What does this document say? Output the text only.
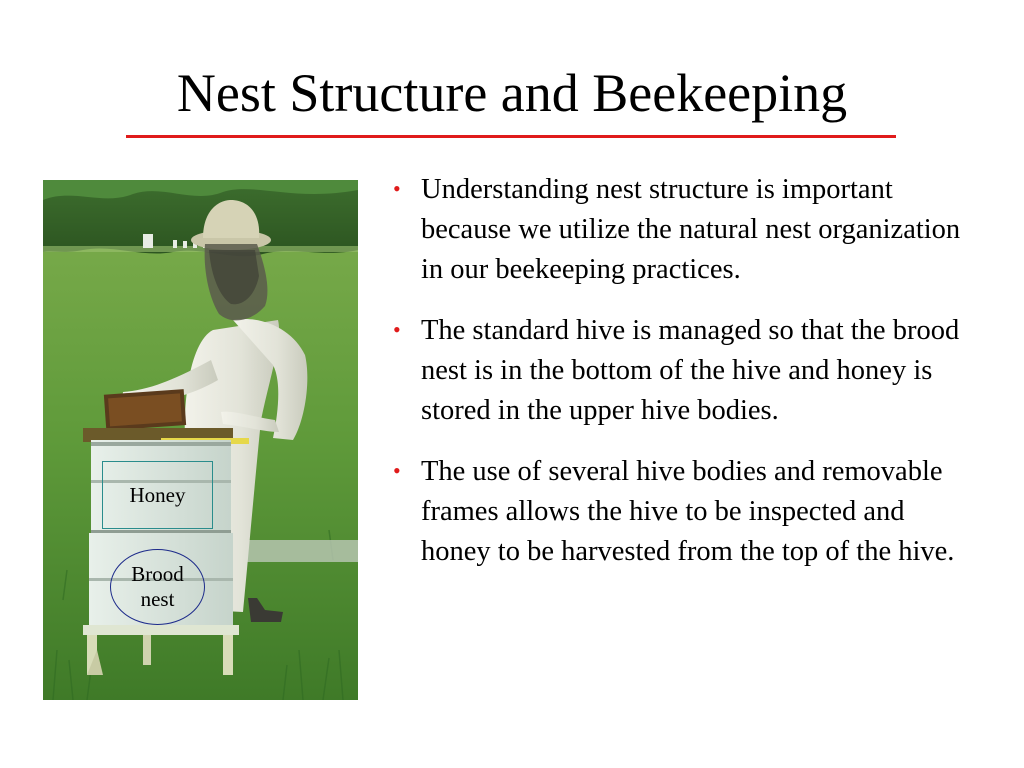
Nest Structure and Beekeeping
Honey
Brood
nest
• Understanding nest structure is important because we utilize the natural nest organization in our beekeeping practices.
• The standard hive is managed so that the brood nest is in the bottom of the hive and honey is stored in the upper hive bodies.
• The use of several hive bodies and removable frames allows the hive to be inspected and honey to be harvested from the top of the hive.
